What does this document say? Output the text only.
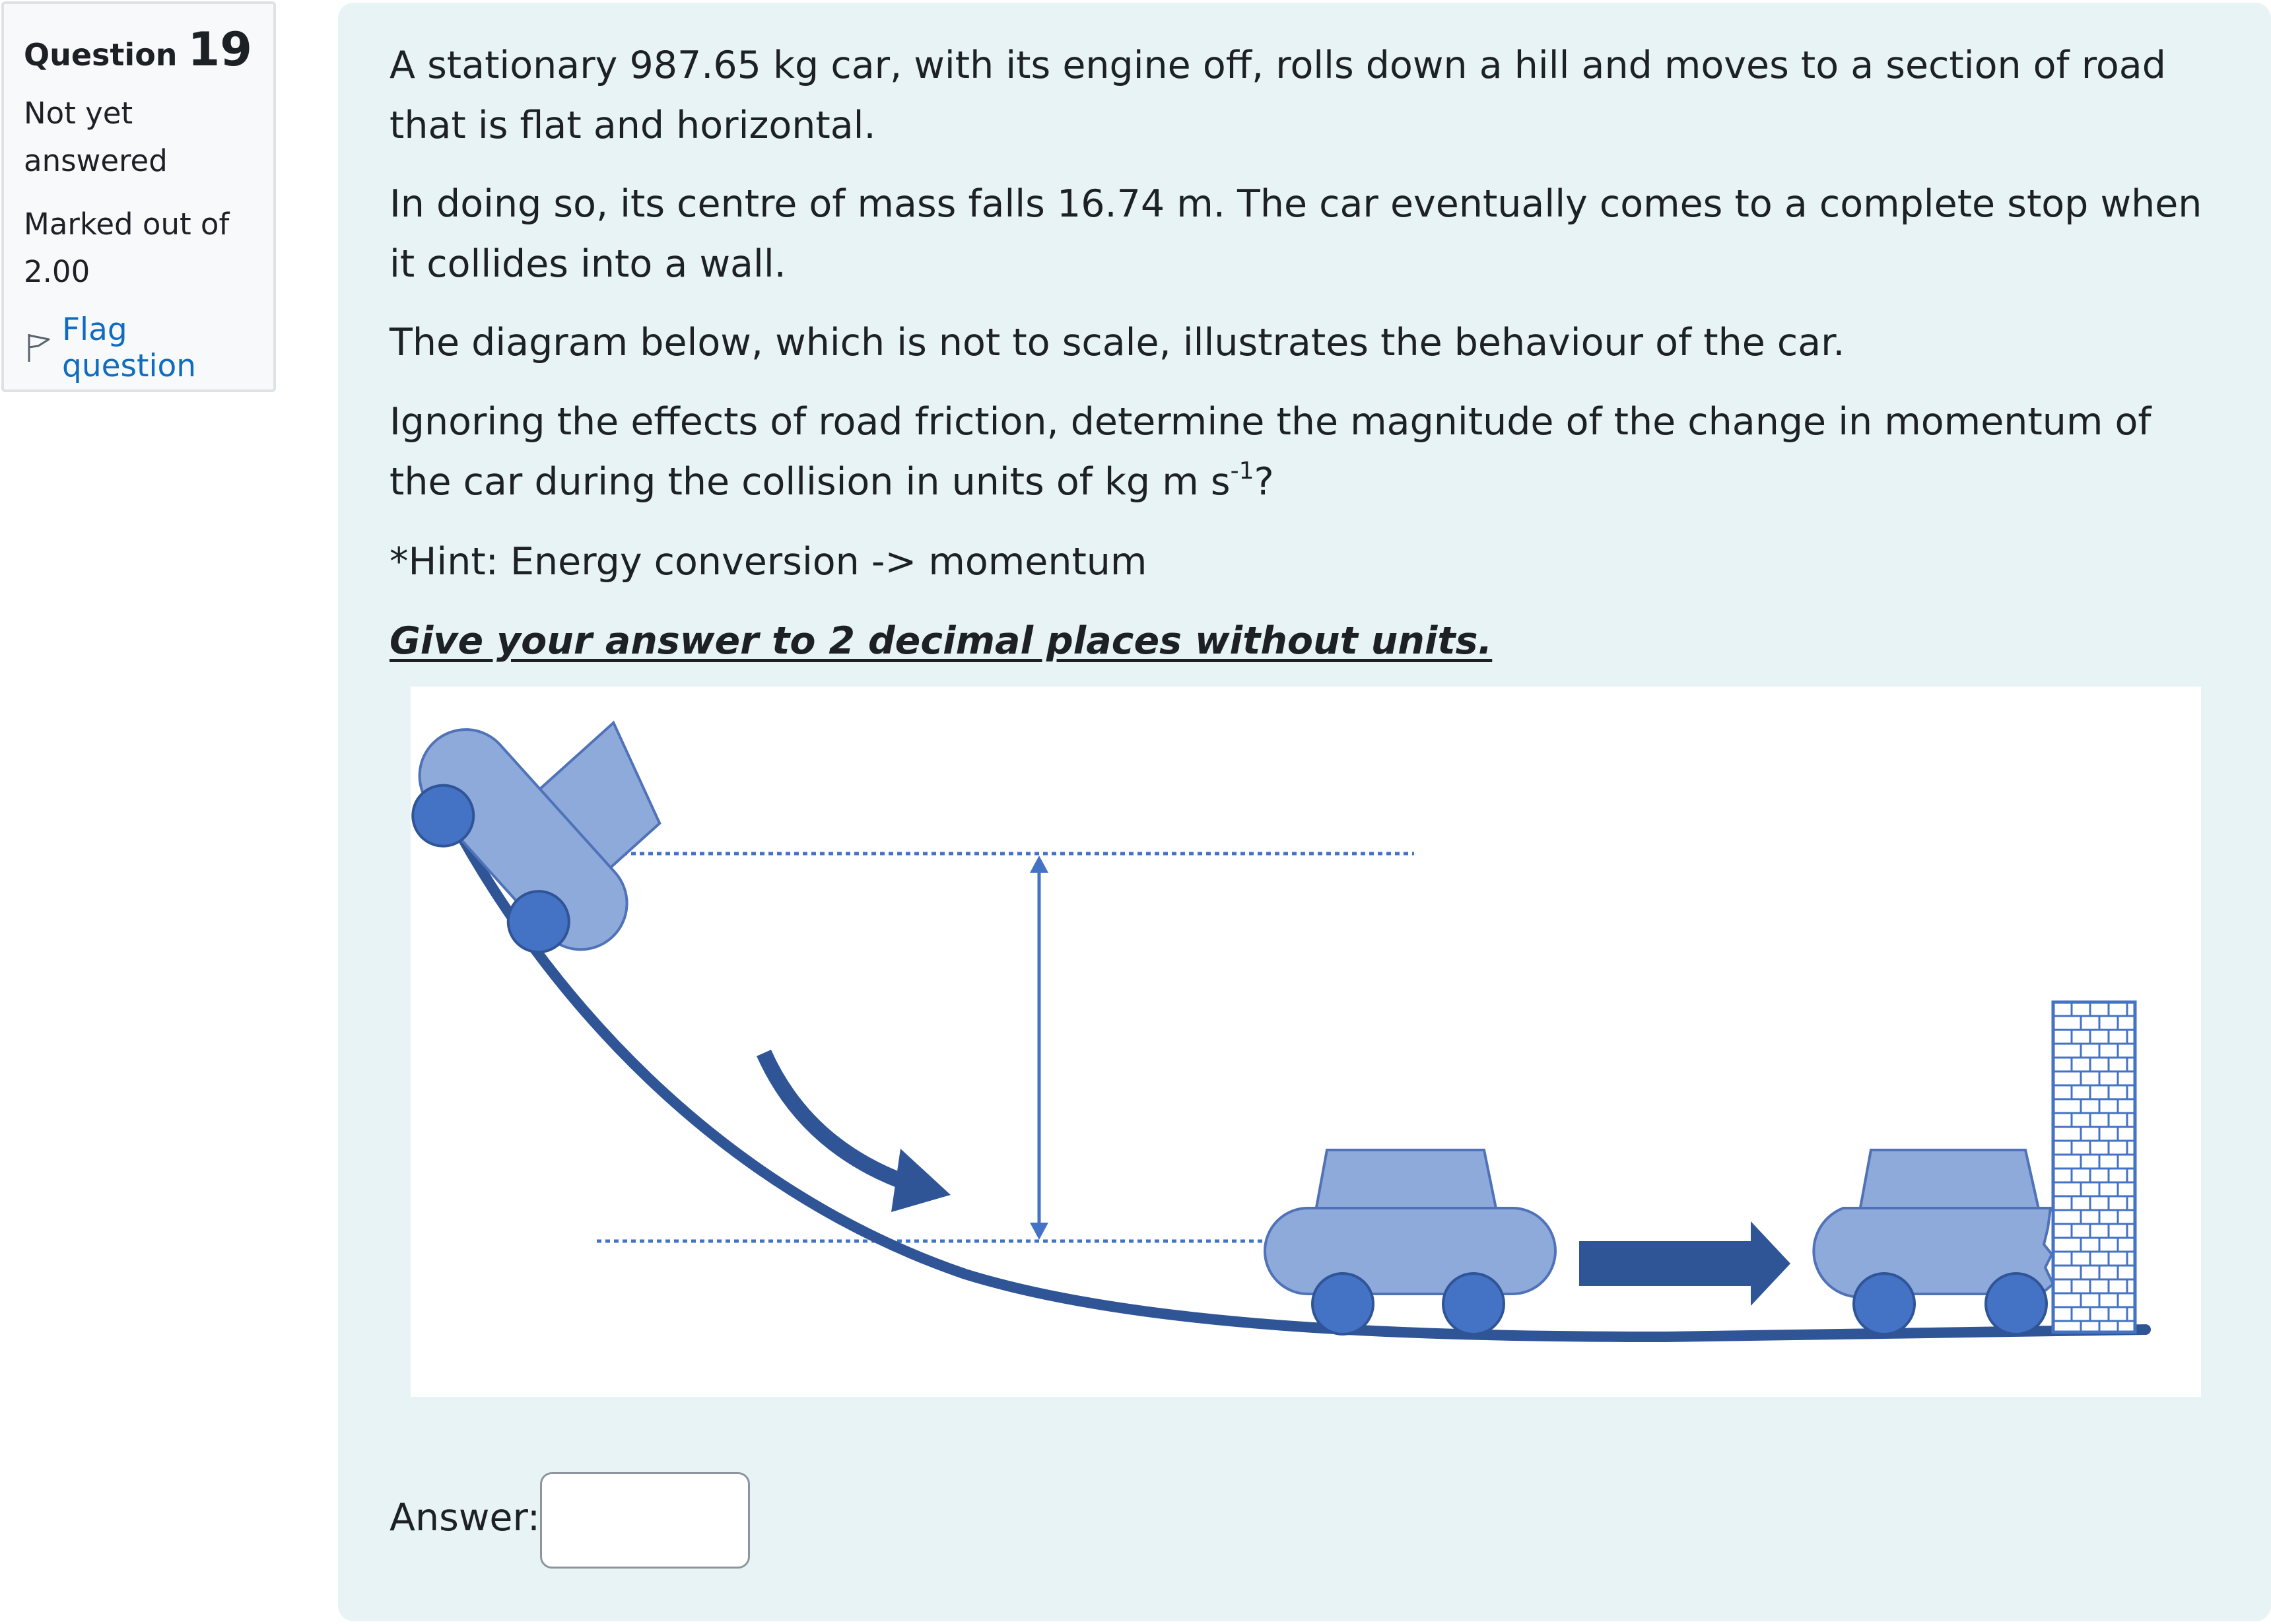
Question 19
Not yet answered
Marked out of 2.00
Flag question

A stationary 987.65 kg car, with its engine off, rolls down a hill and moves to a section of road that is flat and horizontal.

In doing so, its centre of mass falls 16.74 m. The car eventually comes to a complete stop when it collides into a wall.

The diagram below, which is not to scale, illustrates the behaviour of the car.

Ignoring the effects of road friction, determine the magnitude of the change in momentum of the car during the collision in units of kg m $s^{-1}$?

*Hint: Energy conversion -> momentum

Give your answer to 2 decimal places without units.

Answer:
